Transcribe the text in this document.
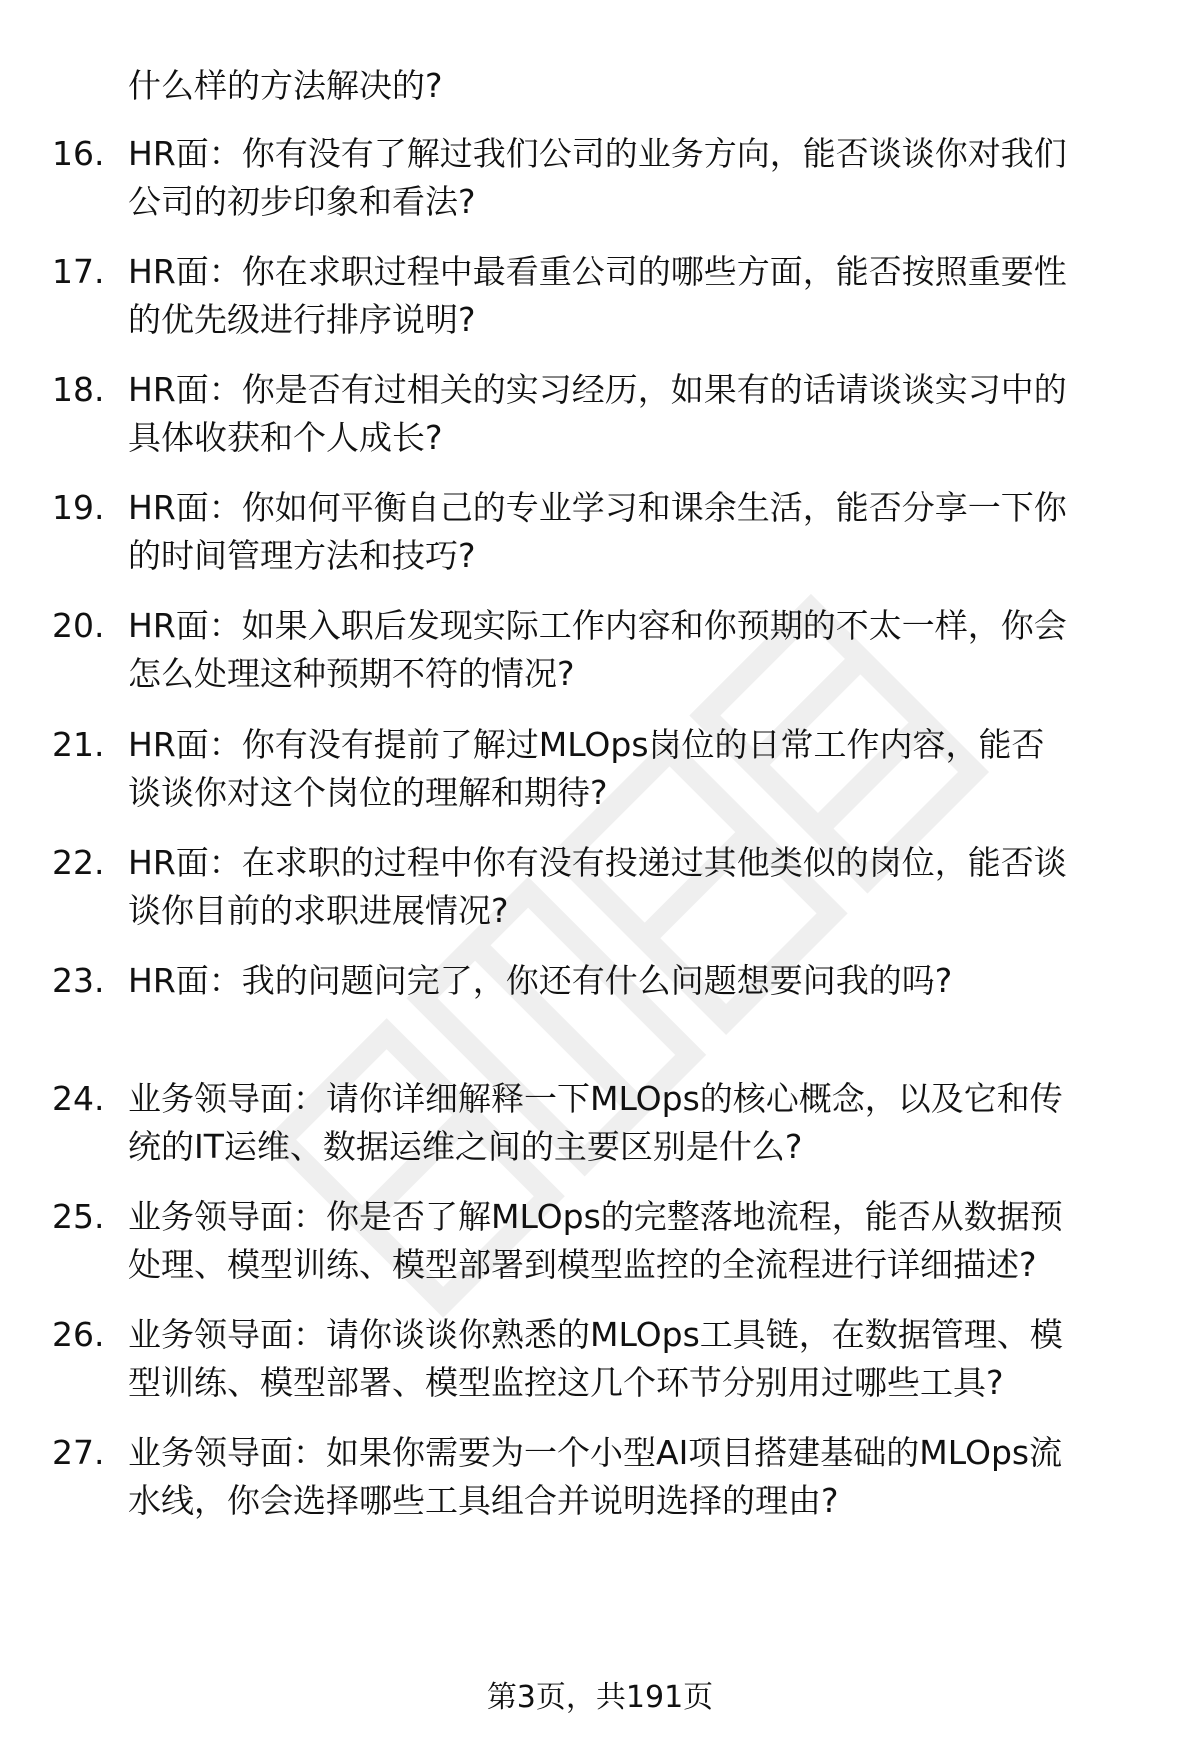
什么样的方法解决的?
16. HR面：你有没有了解过我们公司的业务方向，能否谈谈你对我们
公司的初步印象和看法?
17. HR面：你在求职过程中最看重公司的哪些方面，能否按照重要性
的优先级进行排序说明?
18. HR面：你是否有过相关的实习经历，如果有的话请谈谈实习中的
具体收获和个人成长?
19. HR面：你如何平衡自己的专业学习和课余生活，能否分享一下你
的时间管理方法和技巧?
20. HR面：如果入职后发现实际工作内容和你预期的不太一样，你会
怎么处理这种预期不符的情况?
21. HR面：你有没有提前了解过MLOps岗位的日常工作内容，能否
谈谈你对这个岗位的理解和期待?
22. HR面：在求职的过程中你有没有投递过其他类似的岗位，能否谈
谈你目前的求职进展情况?
23. HR面：我的问题问完了，你还有什么问题想要问我的吗?
24. 业务领导面：请你详细解释一下MLOps的核心概念，以及它和传
统的IT运维、数据运维之间的主要区别是什么?
25. 业务领导面：你是否了解MLOps的完整落地流程，能否从数据预
处理、模型训练、模型部署到模型监控的全流程进行详细描述?
26. 业务领导面：请你谈谈你熟悉的MLOps工具链，在数据管理、模
型训练、模型部署、模型监控这几个环节分别用过哪些工具?
27. 业务领导面：如果你需要为一个小型AI项目搭建基础的MLOps流
水线，你会选择哪些工具组合并说明选择的理由?
第3页，共191页
